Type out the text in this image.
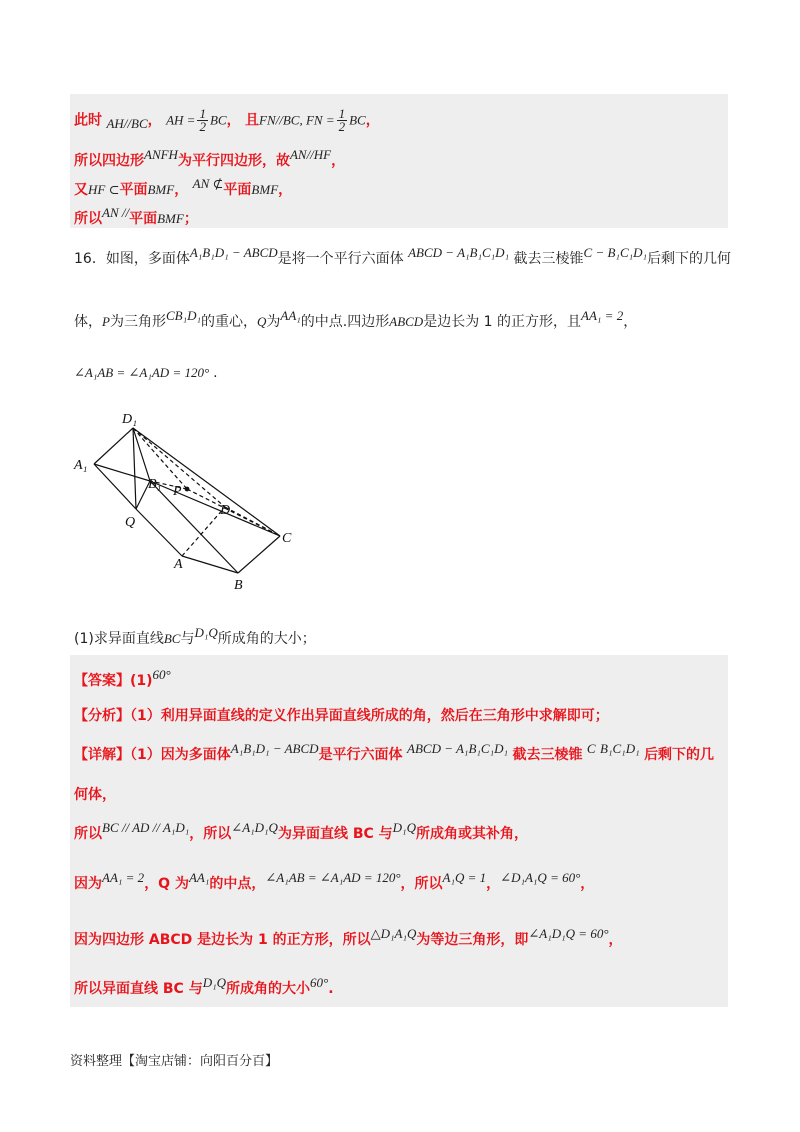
此时 AH//BC， AH = $\frac{1}{2}$ BC， 且FN//BC, FN = $\frac{1}{2}$ BC，
所以四边形ANFH为平行四边形，故AN//HF，
又HF ⊂平面BMF， AN ⊄平面BMF，
所以AN //平面BMF；
16．如图，多面体A₁B₁D₁ − ABCD是将一个平行六面体 ABCD − A₁B₁C₁D₁ 截去三棱锥C − B₁C₁D₁后剩下的几何
体，P为三角形CB₁D₁的重心，Q为AA₁的中点.四边形ABCD是边长为 1 的正方形，且AA₁ = 2，
∠A₁AB = ∠A₁AD = 120° .
D₁
A₁
B₁ P
D
Q
C
A
B
(1)求异面直线BC与D₁Q所成角的大小；
【答案】(1)60°
【分析】（1）利用异面直线的定义作出异面直线所成的角，然后在三角形中求解即可；
【详解】（1）因为多面体A₁B₁D₁ − ABCD是平行六面体 ABCD − A₁B₁C₁D₁ 截去三棱锥 C B₁C₁D₁ 后剩下的几
何体，
所以BC // AD // A₁D₁，所以∠A₁D₁Q为异面直线 BC 与D₁Q所成角或其补角，
因为AA₁ = 2，Q 为AA₁的中点，∠A₁AB = ∠A₁AD = 120°，所以A₁Q = 1，∠D₁A₁Q = 60°，
因为四边形 ABCD 是边长为 1 的正方形，所以△D₁A₁Q为等边三角形，即∠A₁D₁Q = 60°，
所以异面直线 BC 与D₁Q所成角的大小60°.
资料整理【淘宝店铺：向阳百分百】
